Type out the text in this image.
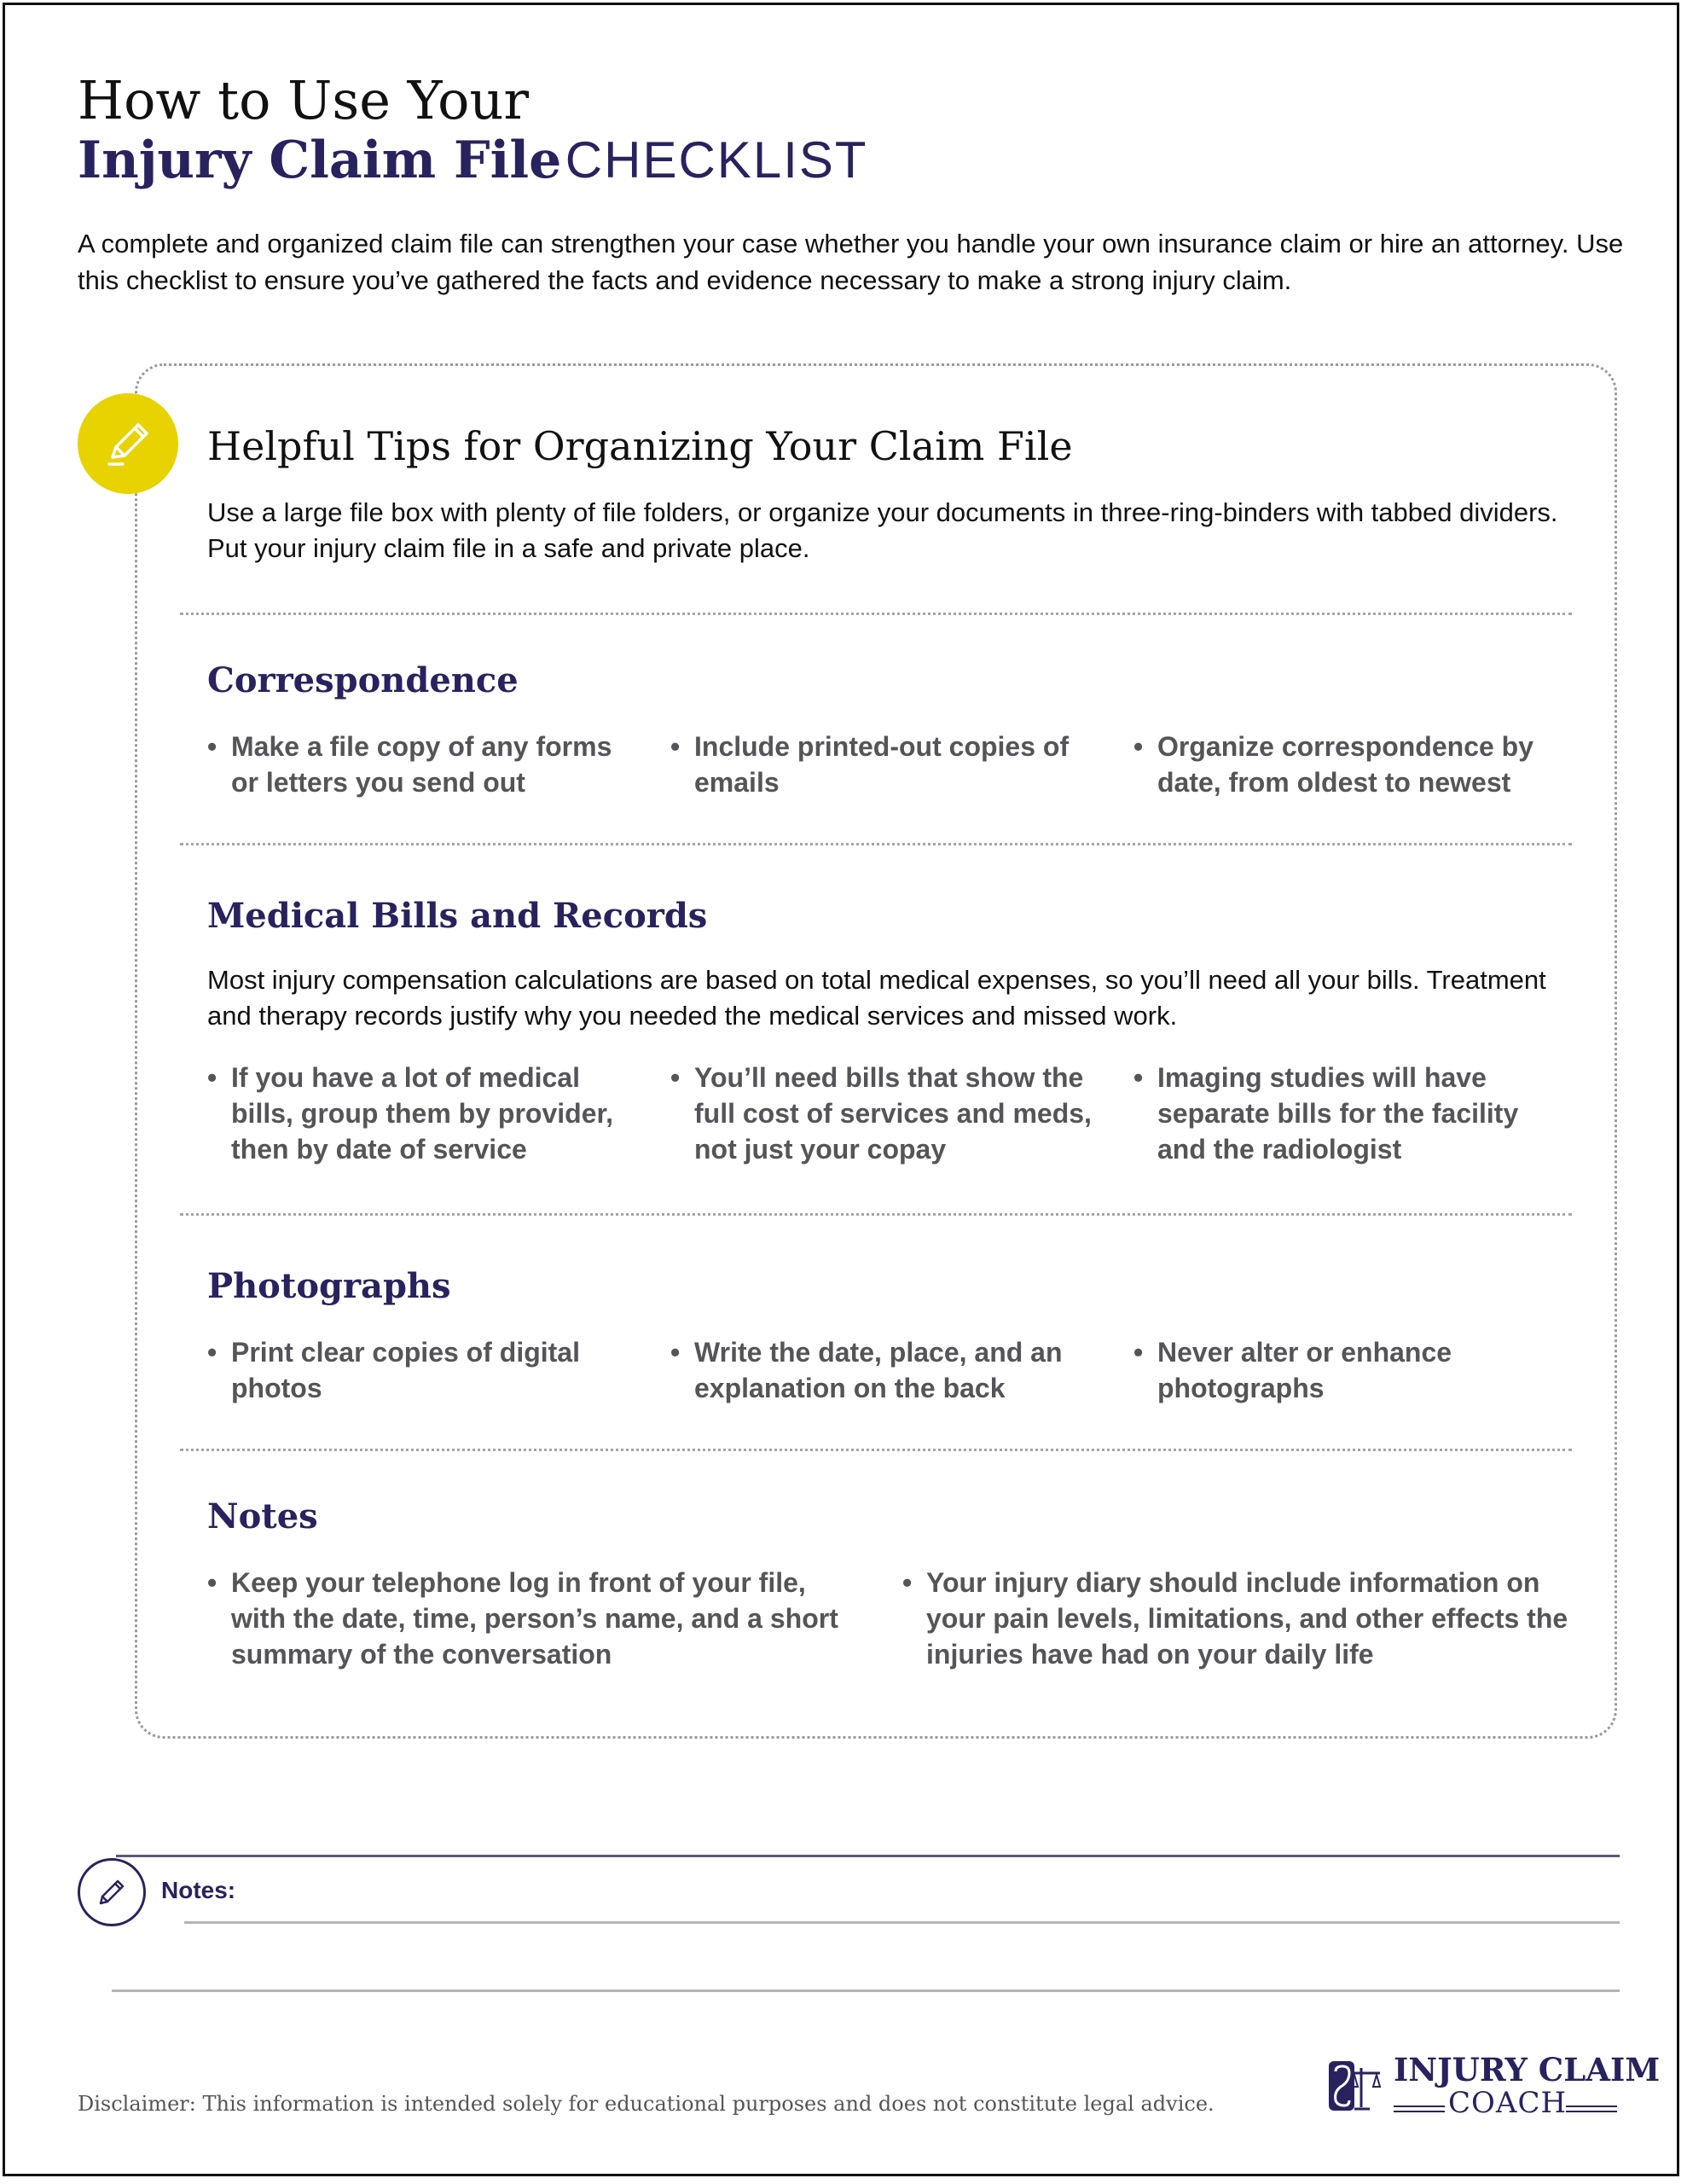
How to Use Your
Injury Claim File CHECKLIST
A complete and organized claim file can strengthen your case whether you handle your own insurance claim or hire an attorney. Use this checklist to ensure you’ve gathered the facts and evidence necessary to make a strong injury claim.
Helpful Tips for Organizing Your Claim File
Use a large file box with plenty of file folders, or organize your documents in three-ring-binders with tabbed dividers. Put your injury claim file in a safe and private place.
Correspondence
• Make a file copy of any forms or letters you send out
• Include printed-out copies of emails
• Organize correspondence by date, from oldest to newest
Medical Bills and Records
Most injury compensation calculations are based on total medical expenses, so you’ll need all your bills. Treatment and therapy records justify why you needed the medical services and missed work.
• If you have a lot of medical bills, group them by provider, then by date of service
• You’ll need bills that show the full cost of services and meds, not just your copay
• Imaging studies will have separate bills for the facility and the radiologist
Photographs
• Print clear copies of digital photos
• Write the date, place, and an explanation on the back
• Never alter or enhance photographs
Notes
• Keep your telephone log in front of your file, with the date, time, person’s name, and a short summary of the conversation
• Your injury diary should include information on your pain levels, limitations, and other effects the injuries have had on your daily life
Notes:
Disclaimer: This information is intended solely for educational purposes and does not constitute legal advice.
INJURY CLAIM
COACH
